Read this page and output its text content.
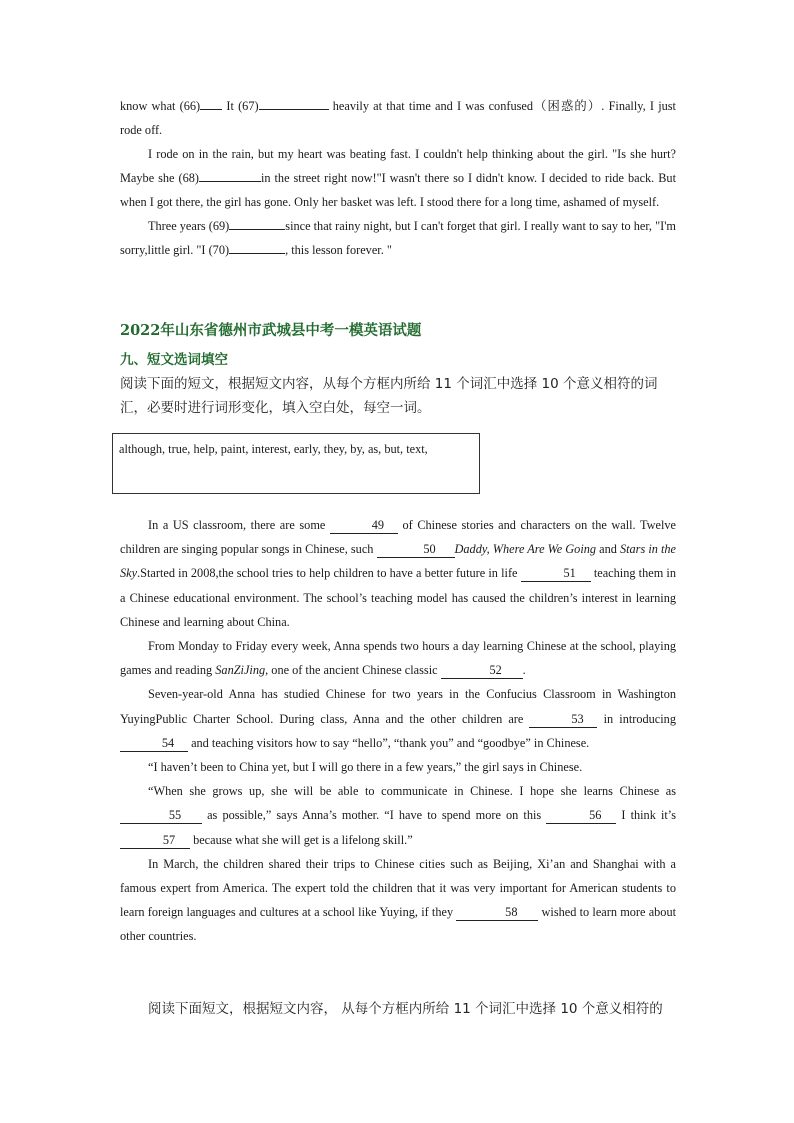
know what (66) It (67)	heavily at that time and I was confused（困惑的）. Finally, I just rode off.

I rode on in the rain, but my heart was beating fast. I couldn't help thinking about the girl. "Is she hurt? Maybe she (68)	in the street right now!"I wasn't there so I didn't know. I decided to ride back. But when I got there, the girl has gone. Only her basket was left. I stood there for a long time, ashamed of myself.

Three years (69)	since that rainy night, but I can't forget that girl. I really want to say to her, "I'm sorry,little girl. "I (70)	, this lesson forever. "

2022年山东省德州市武城县中考一模英语试题

九、短文选词填空

阅读下面的短文，根据短文内容，从每个方框内所给 11 个词汇中选择 10 个意义相符的词汇，必要时进行词形变化，填入空白处，每空一词。

although, true, help, paint, interest, early, they, by, as, but, text,

In a US classroom, there are some	49 of Chinese stories and characters on the wall. Twelve children are singing popular songs in Chinese, such	50 Daddy, Where Are We Going and Stars in the Sky.Started in 2008,the school tries to help children to have a better future in life	51 teaching them in a Chinese educational environment. The school’s teaching model has caused the children’s interest in learning Chinese and learning about China.

From Monday to Friday every week, Anna spends two hours a day learning Chinese at the school, playing games and reading SanZiJing, one of the ancient Chinese classic	52 .

Seven-year-old Anna has studied Chinese for two years in the Confucius Classroom in Washington YuyingPublic Charter School. During class, Anna and the other children are	53 in introducing 54 and teaching visitors how to say “hello”, “thank you” and “goodbye” in Chinese.

“I haven’t been to China yet, but I will go there in a few years,” the girl says in Chinese.

“When she grows up, she will be able to communicate in Chinese. I hope she learns Chinese as 55 as possible,” says Anna’s mother. “I have to spend more on this	56 I think it’s 57 because what she will get is a lifelong skill.”

In March, the children shared their trips to Chinese cities such as Beijing, Xi’an and Shanghai with a famous expert from America. The expert told the children that it was very important for American students to learn foreign languages and cultures at a school like Yuying, if they	58 wished to learn more about other countries.

阅读下面短文，根据短文内容， 从每个方框内所给 11 个词汇中选择 10 个意义相符的
